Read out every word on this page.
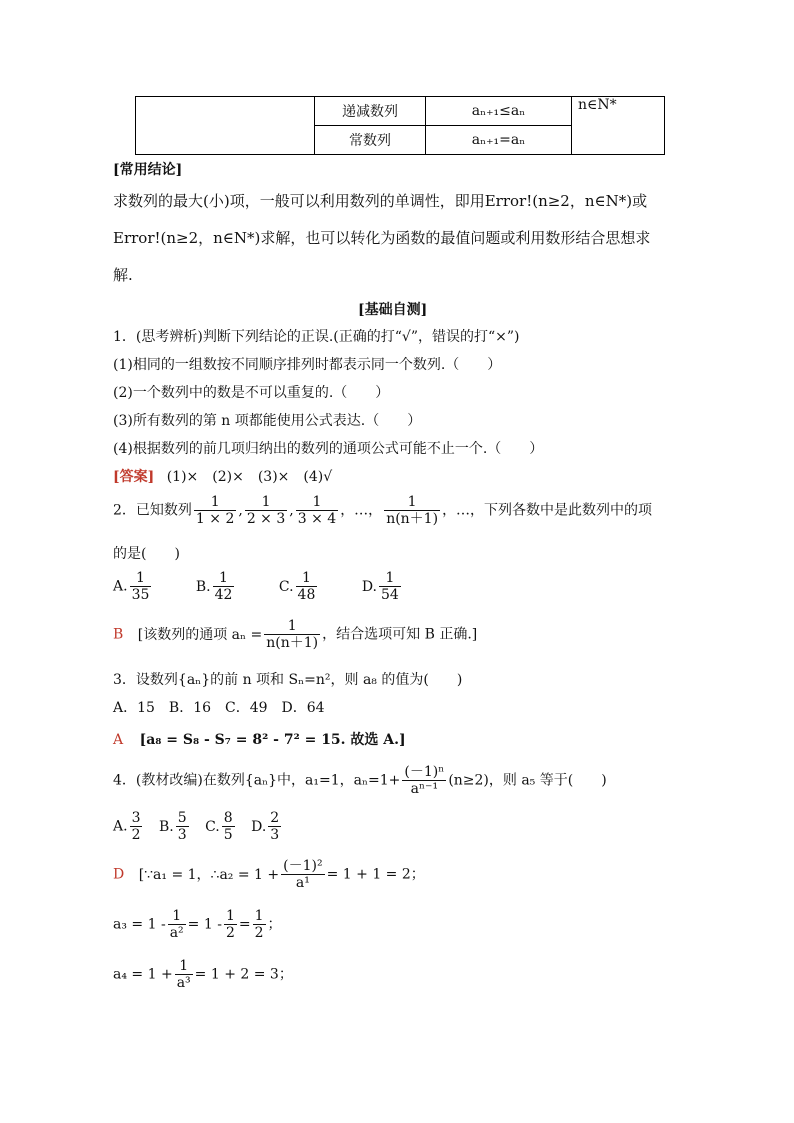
	递减数列	aₙ₊₁≤aₙ	n∈N*
	常数列	aₙ₊₁=aₙ	
[常用结论]
求数列的最大(小)项，一般可以利用数列的单调性，即用Error!(n≥2，n∈N*)或
Error!(n≥2，n∈N*)求解，也可以转化为函数的最值问题或利用数形结合思想求
解.
[基础自测]
1．(思考辨析)判断下列结论的正误.(正确的打“√”，错误的打“×”)
(1)相同的一组数按不同顺序排列时都表示同一个数列.（　　）
(2)一个数列中的数是不可以重复的.（　　）
(3)所有数列的第 n 项都能使用公式表达.（　　）
(4)根据数列的前几项归纳出的数列的通项公式可能不止一个.（　　）
[答案] (1)×　(2)×　(3)×　(4)√
2．已知数列 $\frac{1}{1 \times 2}$ , $\frac{1}{2 \times 3}$ , $\frac{1}{3 \times 4}$ ，…， $\frac{1}{n(n+1)}$ ，…，下列各数中是此数列中的项
的是(　　)
A. $\frac{1}{35}$	B. $\frac{1}{42}$	C. $\frac{1}{48}$	D. $\frac{1}{54}$
B [该数列的通项 $a_n = \frac{1}{n(n+1)}$ ，结合选项可知 B 正确.]
3．设数列{aₙ}的前 n 项和 Sₙ=n²，则 a₈ 的值为(　　)
A．15　B．16　C．49　D．64
A [a₈ = S₈ - S₇ = 8² - 7² = 15. 故选 A.]
4．(教材改编)在数列{aₙ}中，a₁=1，$a_n=1+ \frac{\text{(－1)ⁿ}}{\text{aⁿ⁻¹}} (n\ge 2)$，则 a₅ 等于(　　)
A. $\frac{3}{2} B$. $\frac{5}{3} C$. $\frac{8}{5} D$. $\frac{2}{3}$
D [∵a₁ = 1，∴a₂ = $1 + \frac{\text{(－1)²}}{\text{a¹}} = 1 + 1 = 2$；
$a_3 = 1 - \frac{1}{\text{a²}} = 1 - \frac{1}{2} = \frac{1}{2}$ ；
$a_4 = 1 + \frac{1}{\text{a³}} = 1 + 2 = 3$；
